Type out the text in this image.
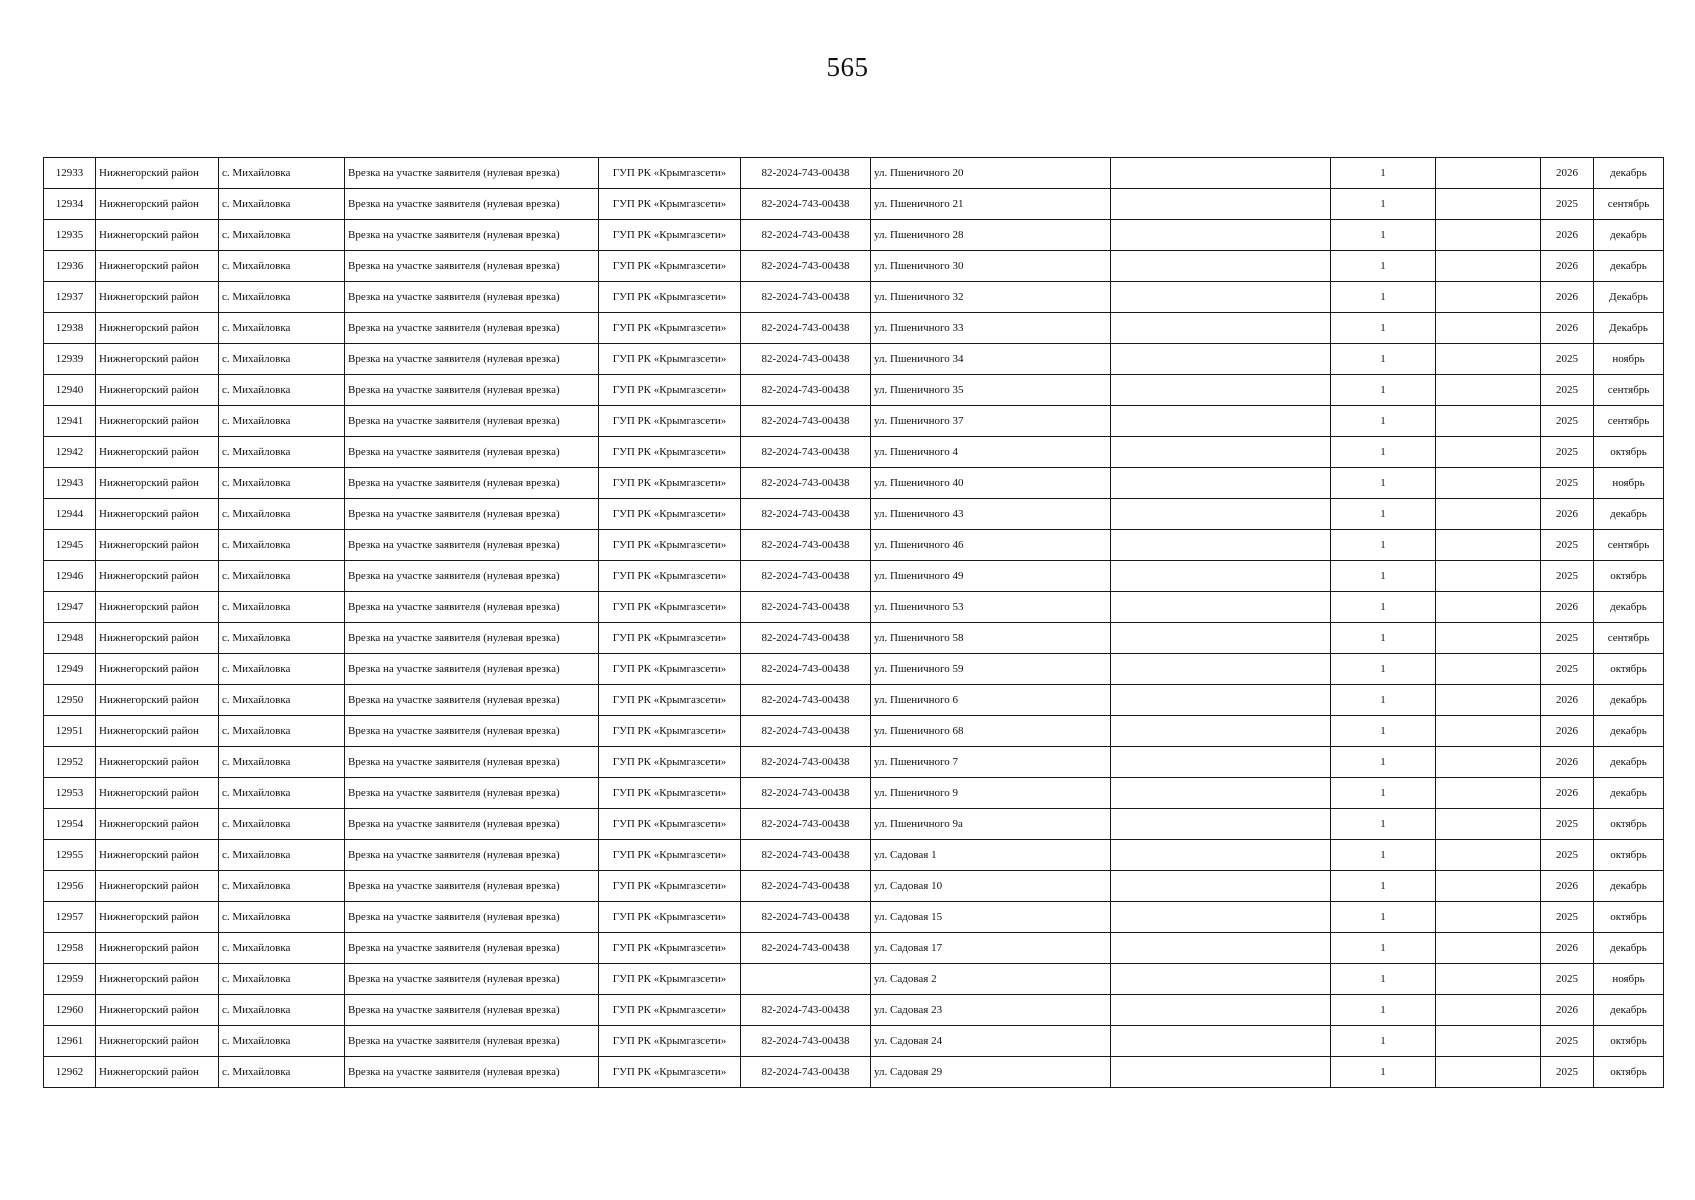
565
12933	Нижнегорский район	с. Михайловка	Врезка на участке заявителя (нулевая врезка)	ГУП РК «Крымгазсети»	82-2024-743-00438	ул. Пшеничного 20		1		2026	декабрь
12934	Нижнегорский район	с. Михайловка	Врезка на участке заявителя (нулевая врезка)	ГУП РК «Крымгазсети»	82-2024-743-00438	ул. Пшеничного 21		1		2025	сентябрь
12935	Нижнегорский район	с. Михайловка	Врезка на участке заявителя (нулевая врезка)	ГУП РК «Крымгазсети»	82-2024-743-00438	ул. Пшеничного 28		1		2026	декабрь
12936	Нижнегорский район	с. Михайловка	Врезка на участке заявителя (нулевая врезка)	ГУП РК «Крымгазсети»	82-2024-743-00438	ул. Пшеничного 30		1		2026	декабрь
12937	Нижнегорский район	с. Михайловка	Врезка на участке заявителя (нулевая врезка)	ГУП РК «Крымгазсети»	82-2024-743-00438	ул. Пшеничного 32		1		2026	Декабрь
12938	Нижнегорский район	с. Михайловка	Врезка на участке заявителя (нулевая врезка)	ГУП РК «Крымгазсети»	82-2024-743-00438	ул. Пшеничного 33		1		2026	Декабрь
12939	Нижнегорский район	с. Михайловка	Врезка на участке заявителя (нулевая врезка)	ГУП РК «Крымгазсети»	82-2024-743-00438	ул. Пшеничного 34		1		2025	ноябрь
12940	Нижнегорский район	с. Михайловка	Врезка на участке заявителя (нулевая врезка)	ГУП РК «Крымгазсети»	82-2024-743-00438	ул. Пшеничного 35		1		2025	сентябрь
12941	Нижнегорский район	с. Михайловка	Врезка на участке заявителя (нулевая врезка)	ГУП РК «Крымгазсети»	82-2024-743-00438	ул. Пшеничного 37		1		2025	сентябрь
12942	Нижнегорский район	с. Михайловка	Врезка на участке заявителя (нулевая врезка)	ГУП РК «Крымгазсети»	82-2024-743-00438	ул. Пшеничного 4		1		2025	октябрь
12943	Нижнегорский район	с. Михайловка	Врезка на участке заявителя (нулевая врезка)	ГУП РК «Крымгазсети»	82-2024-743-00438	ул. Пшеничного 40		1		2025	ноябрь
12944	Нижнегорский район	с. Михайловка	Врезка на участке заявителя (нулевая врезка)	ГУП РК «Крымгазсети»	82-2024-743-00438	ул. Пшеничного 43		1		2026	декабрь
12945	Нижнегорский район	с. Михайловка	Врезка на участке заявителя (нулевая врезка)	ГУП РК «Крымгазсети»	82-2024-743-00438	ул. Пшеничного 46		1		2025	сентябрь
12946	Нижнегорский район	с. Михайловка	Врезка на участке заявителя (нулевая врезка)	ГУП РК «Крымгазсети»	82-2024-743-00438	ул. Пшеничного 49		1		2025	октябрь
12947	Нижнегорский район	с. Михайловка	Врезка на участке заявителя (нулевая врезка)	ГУП РК «Крымгазсети»	82-2024-743-00438	ул. Пшеничного 53		1		2026	декабрь
12948	Нижнегорский район	с. Михайловка	Врезка на участке заявителя (нулевая врезка)	ГУП РК «Крымгазсети»	82-2024-743-00438	ул. Пшеничного 58		1		2025	сентябрь
12949	Нижнегорский район	с. Михайловка	Врезка на участке заявителя (нулевая врезка)	ГУП РК «Крымгазсети»	82-2024-743-00438	ул. Пшеничного 59		1		2025	октябрь
12950	Нижнегорский район	с. Михайловка	Врезка на участке заявителя (нулевая врезка)	ГУП РК «Крымгазсети»	82-2024-743-00438	ул. Пшеничного 6		1		2026	декабрь
12951	Нижнегорский район	с. Михайловка	Врезка на участке заявителя (нулевая врезка)	ГУП РК «Крымгазсети»	82-2024-743-00438	ул. Пшеничного 68		1		2026	декабрь
12952	Нижнегорский район	с. Михайловка	Врезка на участке заявителя (нулевая врезка)	ГУП РК «Крымгазсети»	82-2024-743-00438	ул. Пшеничного 7		1		2026	декабрь
12953	Нижнегорский район	с. Михайловка	Врезка на участке заявителя (нулевая врезка)	ГУП РК «Крымгазсети»	82-2024-743-00438	ул. Пшеничного 9		1		2026	декабрь
12954	Нижнегорский район	с. Михайловка	Врезка на участке заявителя (нулевая врезка)	ГУП РК «Крымгазсети»	82-2024-743-00438	ул. Пшеничного 9а		1		2025	октябрь
12955	Нижнегорский район	с. Михайловка	Врезка на участке заявителя (нулевая врезка)	ГУП РК «Крымгазсети»	82-2024-743-00438	ул. Садовая 1		1		2025	октябрь
12956	Нижнегорский район	с. Михайловка	Врезка на участке заявителя (нулевая врезка)	ГУП РК «Крымгазсети»	82-2024-743-00438	ул. Садовая 10		1		2026	декабрь
12957	Нижнегорский район	с. Михайловка	Врезка на участке заявителя (нулевая врезка)	ГУП РК «Крымгазсети»	82-2024-743-00438	ул. Садовая 15		1		2025	октябрь
12958	Нижнегорский район	с. Михайловка	Врезка на участке заявителя (нулевая врезка)	ГУП РК «Крымгазсети»	82-2024-743-00438	ул. Садовая 17		1		2026	декабрь
12959	Нижнегорский район	с. Михайловка	Врезка на участке заявителя (нулевая врезка)	ГУП РК «Крымгазсети»		ул. Садовая 2		1		2025	ноябрь
12960	Нижнегорский район	с. Михайловка	Врезка на участке заявителя (нулевая врезка)	ГУП РК «Крымгазсети»	82-2024-743-00438	ул. Садовая 23		1		2026	декабрь
12961	Нижнегорский район	с. Михайловка	Врезка на участке заявителя (нулевая врезка)	ГУП РК «Крымгазсети»	82-2024-743-00438	ул. Садовая 24		1		2025	октябрь
12962	Нижнегорский район	с. Михайловка	Врезка на участке заявителя (нулевая врезка)	ГУП РК «Крымгазсети»	82-2024-743-00438	ул. Садовая 29		1		2025	октябрь
